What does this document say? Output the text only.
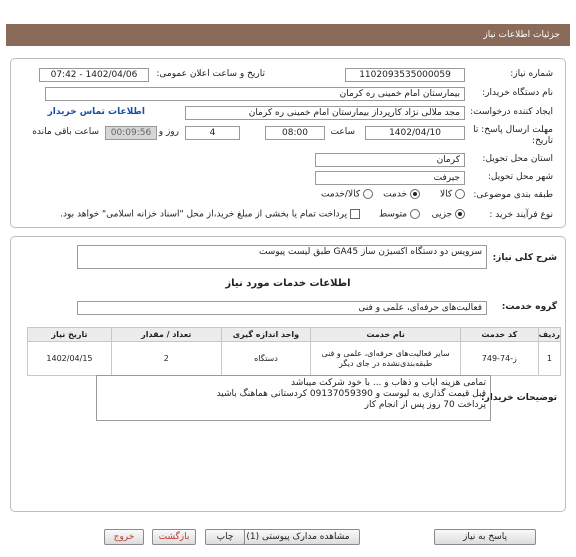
جزئیات اطلاعات نیاز
شماره نیاز:
1102093535000059
تاریخ و ساعت اعلان عمومی:
1402/04/06 - 07:42
نام دستگاه خریدار:
بیمارستان امام خمینی ره کرمان
ایجاد کننده درخواست:
مجد ملالی نژاد کارپرداز بیمارستان امام خمینی ره کرمان
اطلاعات تماس خریدار
مهلت ارسال پاسخ: تا
تاریخ:
1402/04/10
ساعت
08:00
4
روز و
00:09:56
ساعت باقی مانده
استان محل تحویل:
کرمان
شهر محل تحویل:
جیرفت
طبقه بندی موضوعی:
کالا
خدمت
کالا/خدمت
نوع فرآیند خرید :
جزیی
متوسط
پرداخت تمام یا بخشی از مبلغ خرید،از محل "اسناد خزانه اسلامی" خواهد بود.
شرح کلی نیاز:
سرویس دو دستگاه اکسیژن ساز GA45 طبق لیست پیوست
اطلاعات خدمات مورد نیاز
گروه خدمت:
فعالیت‌های حرفه‌ای، علمی و فنی
ردیف	کد خدمت	نام خدمت	واحد اندازه گیری	تعداد / مقدار	تاریخ نیاز
1	ز-74-749	سایر فعالیت‌های حرفه‌ای، علمی و فنی طبقه‌بندی‌نشده در جای دیگر	دستگاه	2	1402/04/15
توضیحات خریدار:
تمامی هزینه ایاب و ذهاب و ... با خود شرکت میباشد
قبل قیمت گذاری به لیوست و 09137059390 کردستانی هماهنگ باشید
پرداخت 70 روز پس از انجام کار
پاسخ به نیاز
مشاهده مدارک پیوستی (1)
چاپ
بازگشت
خروج
